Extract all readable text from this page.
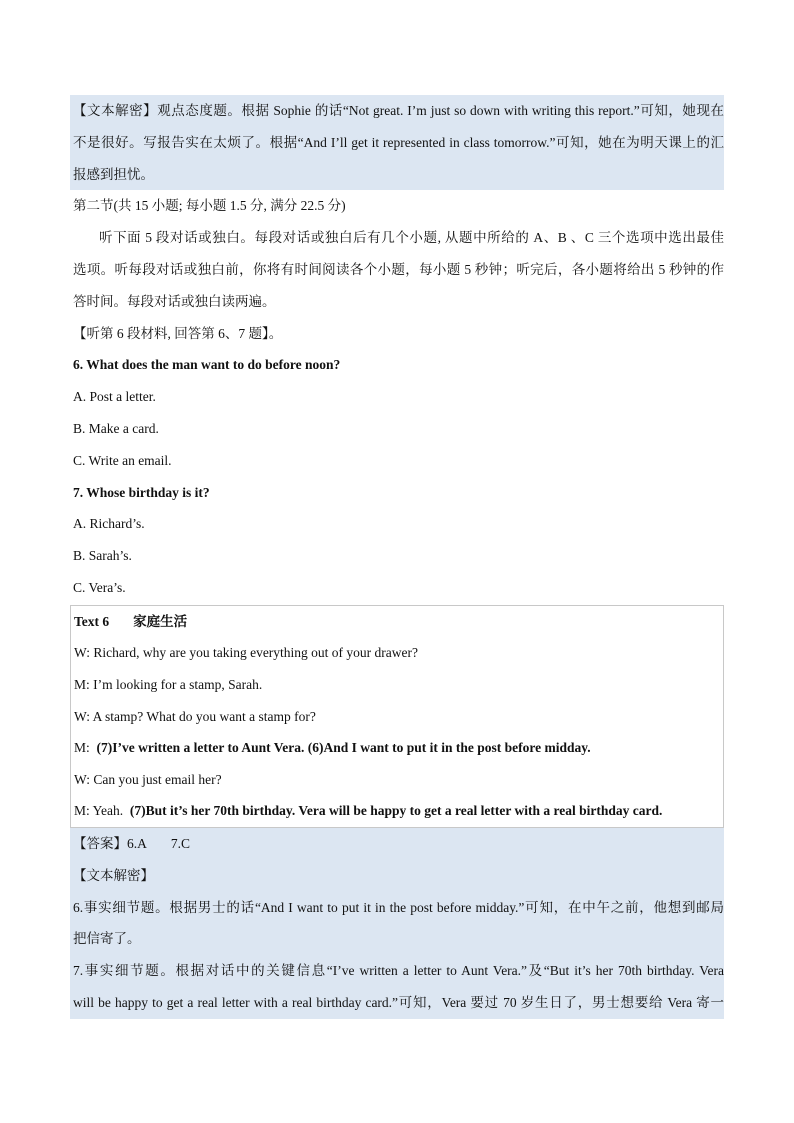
【文本解密】观点态度题。根据 Sophie 的话“Not great. I’m just so down with writing this report.”可知，她现在
不是很好。写报告实在太烦了。根据“And I’ll get it represented in class tomorrow.”可知，她在为明天课上的汇
报感到担忧。
第二节(共 15 小题; 每小题 1.5 分, 满分 22.5 分)
听下面 5 段对话或独白。每段对话或独白后有几个小题, 从题中所给的 A、B 、C 三个选项中选出最佳
选项。听每段对话或独白前，你将有时间阅读各个小题，每小题 5 秒钟；听完后，各小题将给出 5 秒钟的作
答时间。每段对话或独白读两遍。
【听第 6 段材料, 回答第 6、7 题】。
6. What does the man want to do before noon?
A. Post a letter.
B. Make a card.
C. Write an email.
7. Whose birthday is it?
A. Richard’s.
B. Sarah’s.
C. Vera’s.
Text 6 家庭生活
W: Richard, why are you taking everything out of your drawer?
M: I’m looking for a stamp, Sarah.
W: A stamp? What do you want a stamp for?
M: (7)I’ve written a letter to Aunt Vera. (6)And I want to put it in the post before midday.
W: Can you just email her?
M: Yeah. (7)But it’s her 70th birthday. Vera will be happy to get a real letter with a real birthday card.
【答案】6.A 7.C
【文本解密】
6.事实细节题。根据男士的话“And I want to put it in the post before midday.”可知，在中午之前，他想到邮局
把信寄了。
7.事实细节题。根据对话中的关键信息“I’ve written a letter to Aunt Vera.”及“But it’s her 70th birthday. Vera
will be happy to get a real letter with a real birthday card.”可知，Vera 要过 70 岁生日了，男士想要给 Vera 寄一
